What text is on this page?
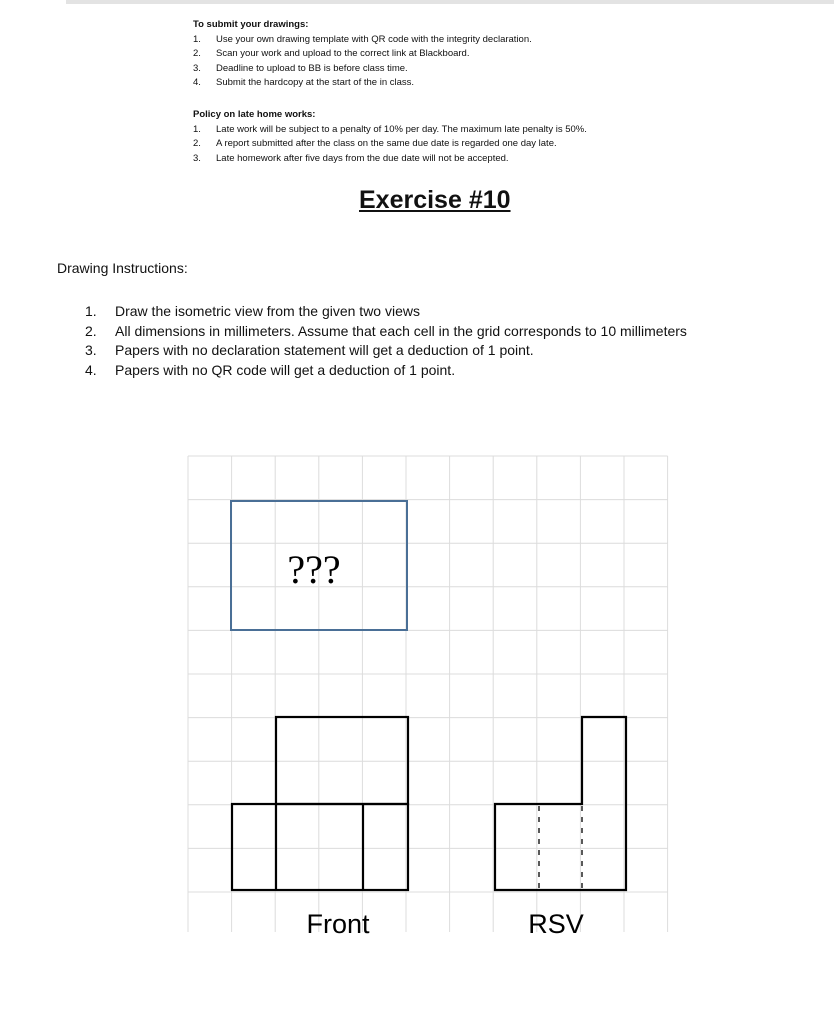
To submit your drawings:
1. Use your own drawing template with QR code with the integrity declaration.
2. Scan your work and upload to the correct link at Blackboard.
3. Deadline to upload to BB is before class time.
4. Submit the hardcopy at the start of the in class.
Policy on late home works:
1. Late work will be subject to a penalty of 10% per day. The maximum late penalty is 50%.
2. A report submitted after the class on the same due date is regarded one day late.
3. Late homework after five days from the due date will not be accepted.
Exercise #10
Drawing Instructions:
1. Draw the isometric view from the given two views
2. All dimensions in millimeters. Assume that each cell in the grid corresponds to 10 millimeters
3. Papers with no declaration statement will get a deduction of 1 point.
4. Papers with no QR code will get a deduction of 1 point.
???
Front	RSV
